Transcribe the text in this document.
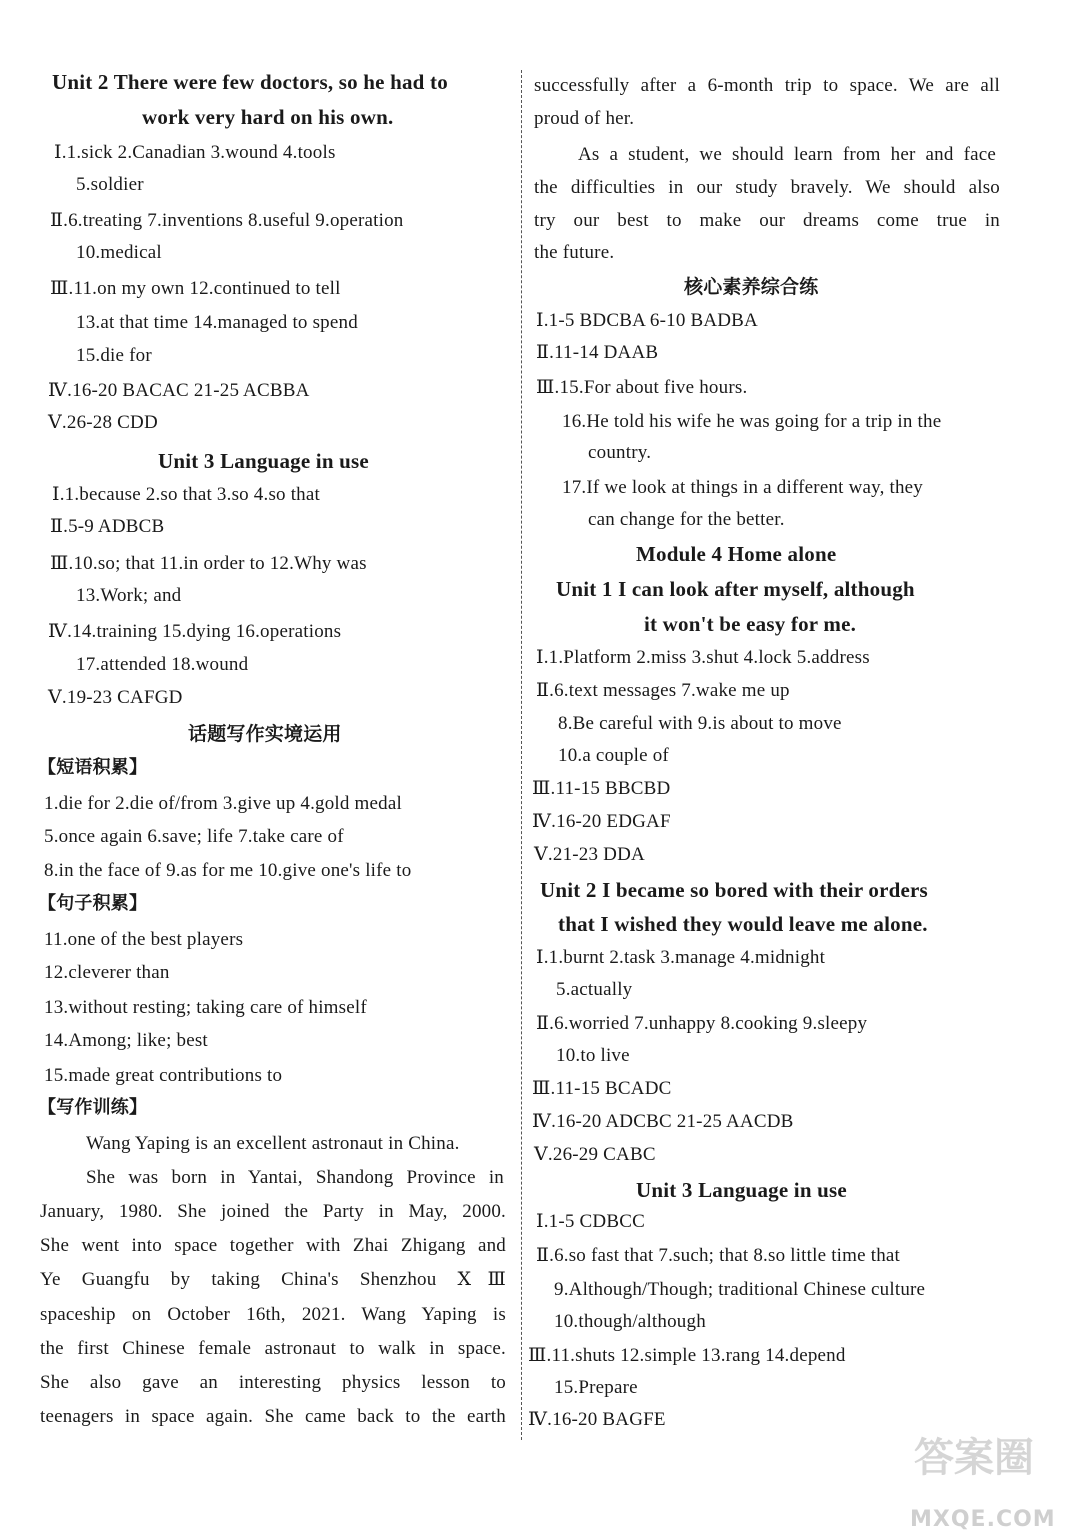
Unit 2 There were few doctors, so he had to
work very hard on his own.
Ⅰ.1.sick 2.Canadian 3.wound 4.tools
5.soldier
Ⅱ.6.treating 7.inventions 8.useful 9.operation
10.medical
Ⅲ.11.on my own 12.continued to tell
13.at that time 14.managed to spend
15.die for
Ⅳ.16-20 BACAC 21-25 ACBBA
Ⅴ.26-28 CDD
Unit 3 Language in use
Ⅰ.1.because 2.so that 3.so 4.so that
Ⅱ.5-9 ADBCB
Ⅲ.10.so; that 11.in order to 12.Why was
13.Work; and
Ⅳ.14.training 15.dying 16.operations
17.attended 18.wound
Ⅴ.19-23 CAFGD
话题写作实境运用
【短语积累】
1.die for 2.die of/from 3.give up 4.gold medal
5.once again 6.save; life 7.take care of
8.in the face of 9.as for me 10.give one's life to
【句子积累】
11.one of the best players
12.cleverer than
13.without resting; taking care of himself
14.Among; like; best
15.made great contributions to
【写作训练】
Wang Yaping is an excellent astronaut in China.
She was born in Yantai, Shandong Province in
January, 1980. She joined the Party in May, 2000.
She went into space together with Zhai Zhigang and
Ye Guangfu by taking China's Shenzhou ⅩⅢ
spaceship on October 16th, 2021. Wang Yaping is
the first Chinese female astronaut to walk in space.
She also gave an interesting physics lesson to
teenagers in space again. She came back to the earth
successfully after a 6-month trip to space. We are all
proud of her.
As a student, we should learn from her and face
the difficulties in our study bravely. We should also
try our best to make our dreams come true in
the future.
核心素养综合练
Ⅰ.1-5 BDCBA 6-10 BADBA
Ⅱ.11-14 DAAB
Ⅲ.15.For about five hours.
16.He told his wife he was going for a trip in the
country.
17.If we look at things in a different way, they
can change for the better.
Module 4 Home alone
Unit 1 I can look after myself, although
it won't be easy for me.
Ⅰ.1.Platform 2.miss 3.shut 4.lock 5.address
Ⅱ.6.text messages 7.wake me up
8.Be careful with 9.is about to move
10.a couple of
Ⅲ.11-15 BBCBD
Ⅳ.16-20 EDGAF
Ⅴ.21-23 DDA
Unit 2 I became so bored with their orders
that I wished they would leave me alone.
Ⅰ.1.burnt 2.task 3.manage 4.midnight
5.actually
Ⅱ.6.worried 7.unhappy 8.cooking 9.sleepy
10.to live
Ⅲ.11-15 BCADC
Ⅳ.16-20 ADCBC 21-25 AACDB
Ⅴ.26-29 CABC
Unit 3 Language in use
Ⅰ.1-5 CDBCC
Ⅱ.6.so fast that 7.such; that 8.so little time that
9.Although/Though; traditional Chinese culture
10.though/although
Ⅲ.11.shuts 12.simple 13.rang 14.depend
15.Prepare
Ⅳ.16-20 BAGFE
答案圈
MXQE.COM
